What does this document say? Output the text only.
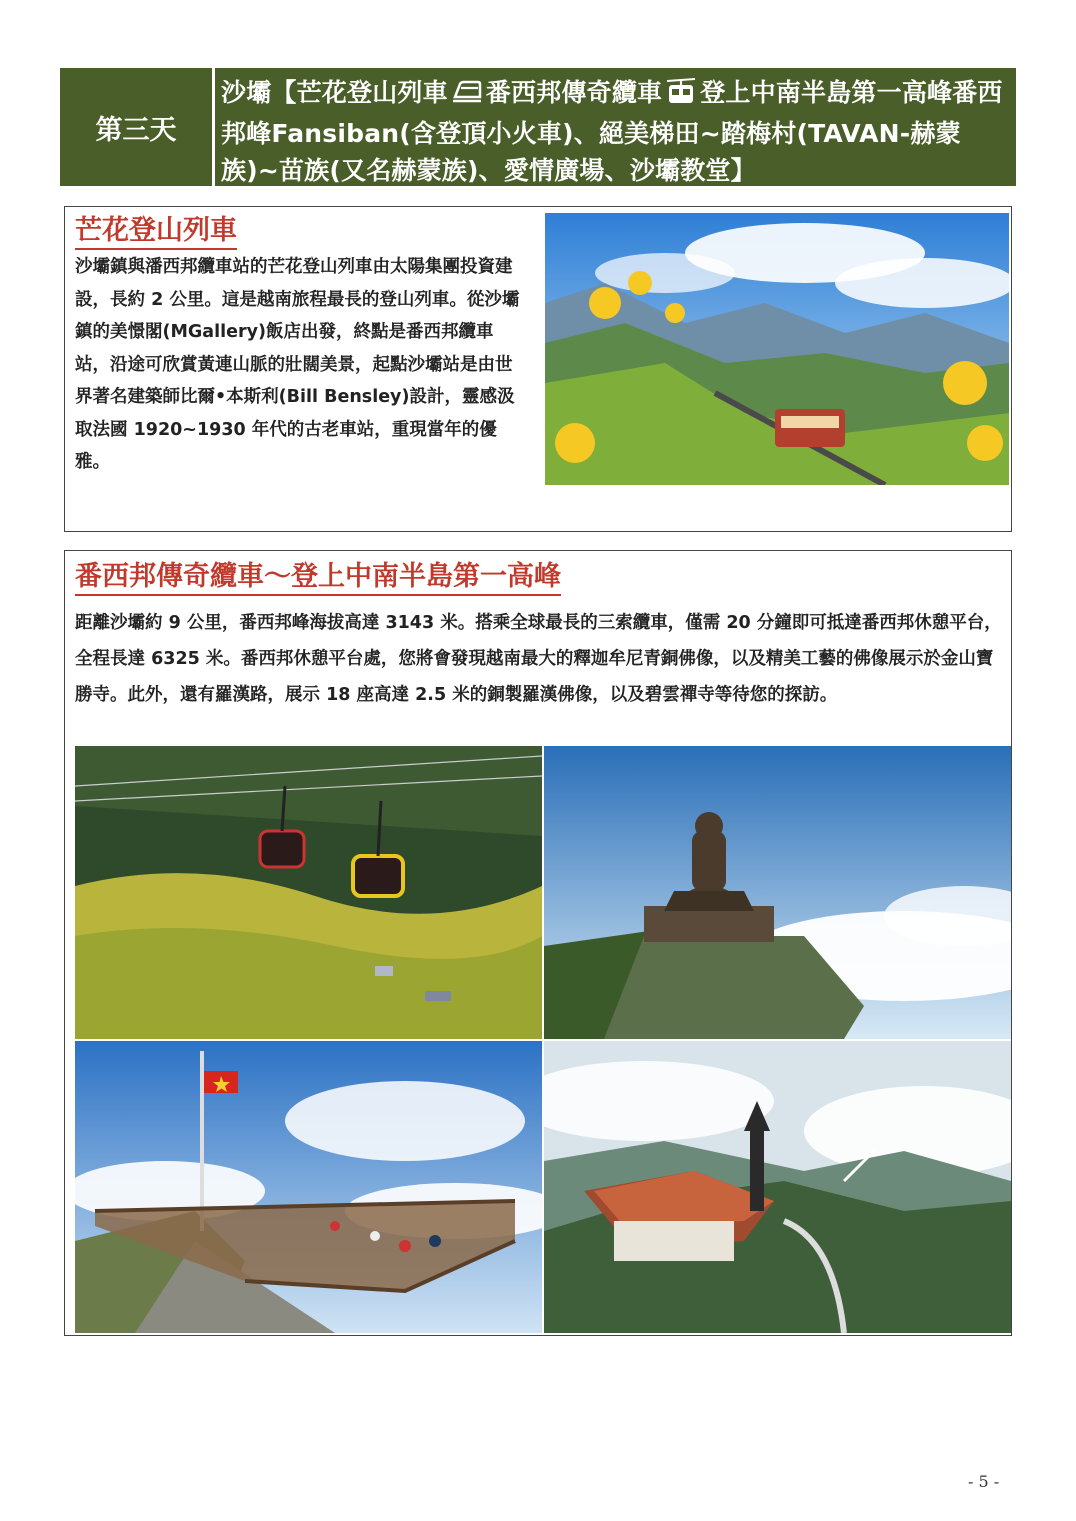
第三天
沙壩【芒花登山列車 番西邦傳奇纜車 登上中南半島第一高峰番西邦峰Fansiban(含登頂小火車)、絕美梯田~踏梅村(TAVAN-赫蒙族)~苗族(又名赫蒙族)、愛情廣場、沙壩教堂】
芒花登山列車
沙壩鎮與潘西邦纜車站的芒花登山列車由太陽集團投資建設，長約 2 公里。這是越南旅程最長的登山列車。從沙壩鎮的美憬閣(MGallery)飯店出發，終點是番西邦纜車站，沿途可欣賞黃連山脈的壯闊美景，起點沙壩站是由世界著名建築師比爾•本斯利(Bill Bensley)設計，靈感汲取法國 1920~1930 年代的古老車站，重現當年的優雅。
番西邦傳奇纜車～登上中南半島第一高峰
距離沙壩約 9 公里，番西邦峰海拔高達 3143 米。搭乘全球最長的三索纜車，僅需 20 分鐘即可抵達番西邦休憩平台，全程長達 6325 米。番西邦休憩平台處，您將會發現越南最大的釋迦牟尼青銅佛像，以及精美工藝的佛像展示於金山寶勝寺。此外，還有羅漢路，展示 18 座高達 2.5 米的銅製羅漢佛像，以及碧雲禪寺等待您的探訪。
- 5 -
